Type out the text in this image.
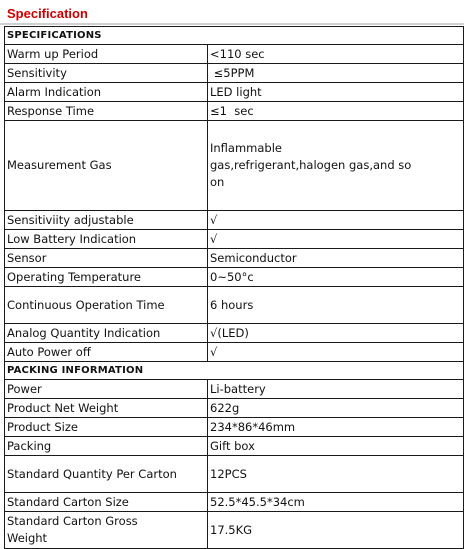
Specification
SPECIFICATIONS	
Warm up Period	<110 sec
Sensitivity	≤5PPM
Alarm Indication	LED light
Response Time	≤1  sec
Measurement Gas	Inflammable gas,refrigerant,halogen gas,and so on
Sensitiviity adjustable	√
Low Battery Indication	√
Sensor	Semiconductor
Operating Temperature	0~50°c
Continuous Operation Time	6 hours
Analog Quantity Indication	√(LED)
Auto Power off	√
PACKING INFORMATION	
Power	Li-battery
Product Net Weight	622g
Product Size	234*86*46mm
Packing	Gift box
Standard Quantity Per Carton	12PCS
Standard Carton Size	52.5*45.5*34cm
Standard Carton Gross Weight	17.5KG
